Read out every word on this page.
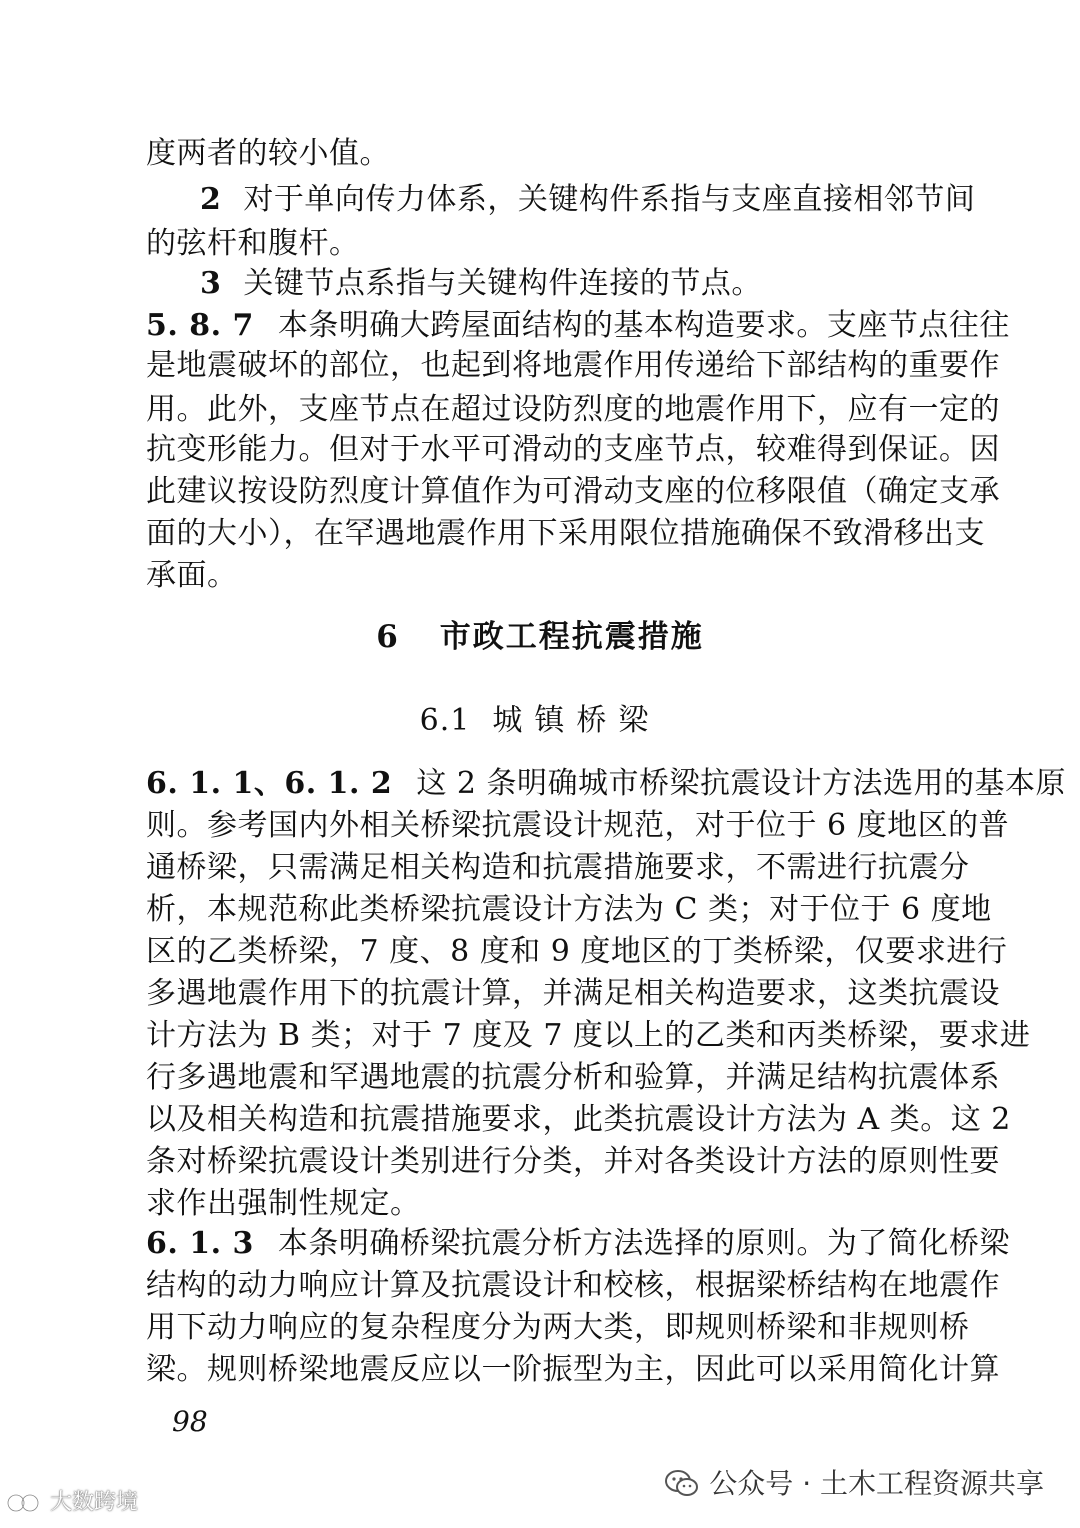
度两者的较小值。
2 对于单向传力体系，关键构件系指与支座直接相邻节间
的弦杆和腹杆。
3 关键节点系指与关键构件连接的节点。
5. 8. 7 本条明确大跨屋面结构的基本构造要求。支座节点往往
是地震破坏的部位，也起到将地震作用传递给下部结构的重要作
用。此外，支座节点在超过设防烈度的地震作用下，应有一定的
抗变形能力。但对于水平可滑动的支座节点，较难得到保证。因
此建议按设防烈度计算值作为可滑动支座的位移限值（确定支承
面的大小），在罕遇地震作用下采用限位措施确保不致滑移出支
承面。
6 市政工程抗震措施
6.1 城镇桥梁
6. 1. 1、6. 1. 2 这 2 条明确城市桥梁抗震设计方法选用的基本原
则。参考国内外相关桥梁抗震设计规范，对于位于 6 度地区的普
通桥梁，只需满足相关构造和抗震措施要求，不需进行抗震分
析，本规范称此类桥梁抗震设计方法为 C 类；对于位于 6 度地
区的乙类桥梁，7 度、8 度和 9 度地区的丁类桥梁，仅要求进行
多遇地震作用下的抗震计算，并满足相关构造要求，这类抗震设
计方法为 B 类；对于 7 度及 7 度以上的乙类和丙类桥梁，要求进
行多遇地震和罕遇地震的抗震分析和验算，并满足结构抗震体系
以及相关构造和抗震措施要求，此类抗震设计方法为 A 类。这 2
条对桥梁抗震设计类别进行分类，并对各类设计方法的原则性要
求作出强制性规定。
6. 1. 3 本条明确桥梁抗震分析方法选择的原则。为了简化桥梁
结构的动力响应计算及抗震设计和校核，根据梁桥结构在地震作
用下动力响应的复杂程度分为两大类，即规则桥梁和非规则桥
梁。规则桥梁地震反应以一阶振型为主，因此可以采用简化计算
98
公众号 · 土木工程资源共享
大数跨境
